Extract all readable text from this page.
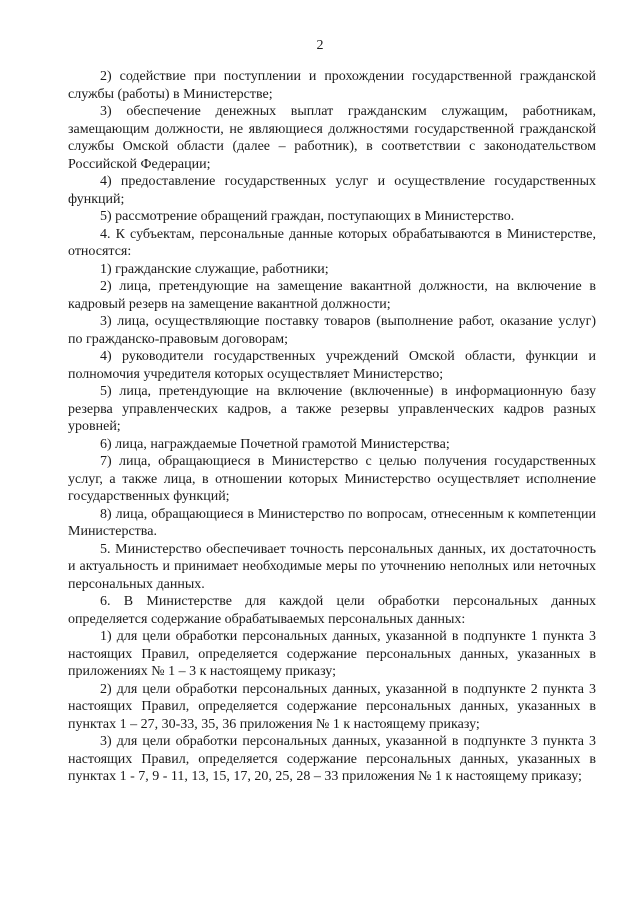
2

2) содействие при поступлении и прохождении государственной гражданской службы (работы) в Министерстве;

3) обеспечение денежных выплат гражданским служащим, работникам, замещающим должности, не являющиеся должностями государственной гражданской службы Омской области (далее – работник), в соответствии с законодательством Российской Федерации;

4) предоставление государственных услуг и осуществление государственных функций;

5) рассмотрение обращений граждан, поступающих в Министерство.

4. К субъектам, персональные данные которых обрабатываются в Министерстве, относятся:

1) гражданские служащие, работники;

2) лица, претендующие на замещение вакантной должности, на включение в кадровый резерв на замещение вакантной должности;

3) лица, осуществляющие поставку товаров (выполнение работ, оказание услуг) по гражданско-правовым договорам;

4) руководители государственных учреждений Омской области, функции и полномочия учредителя которых осуществляет Министерство;

5) лица, претендующие на включение (включенные) в информационную базу резерва управленческих кадров, а также резервы управленческих кадров разных уровней;

6) лица, награждаемые Почетной грамотой Министерства;

7) лица, обращающиеся в Министерство с целью получения государственных услуг, а также лица, в отношении которых Министерство осуществляет исполнение государственных функций;

8) лица, обращающиеся в Министерство по вопросам, отнесенным к компетенции Министерства.

5. Министерство обеспечивает точность персональных данных, их достаточность и актуальность и принимает необходимые меры по уточнению неполных или неточных персональных данных.

6. В Министерстве для каждой цели обработки персональных данных определяется содержание обрабатываемых персональных данных:

1) для цели обработки персональных данных, указанной в подпункте 1 пункта 3 настоящих Правил, определяется содержание персональных данных, указанных в приложениях № 1 – 3 к настоящему приказу;

2) для цели обработки персональных данных, указанной в подпункте 2 пункта 3 настоящих Правил, определяется содержание персональных данных, указанных в пунктах 1 – 27, 30-33, 35, 36 приложения № 1 к настоящему приказу;

3) для цели обработки персональных данных, указанной в подпункте 3 пункта 3 настоящих Правил, определяется содержание персональных данных, указанных в пунктах 1 - 7, 9 - 11, 13, 15, 17, 20, 25, 28 – 33 приложения № 1 к настоящему приказу;
